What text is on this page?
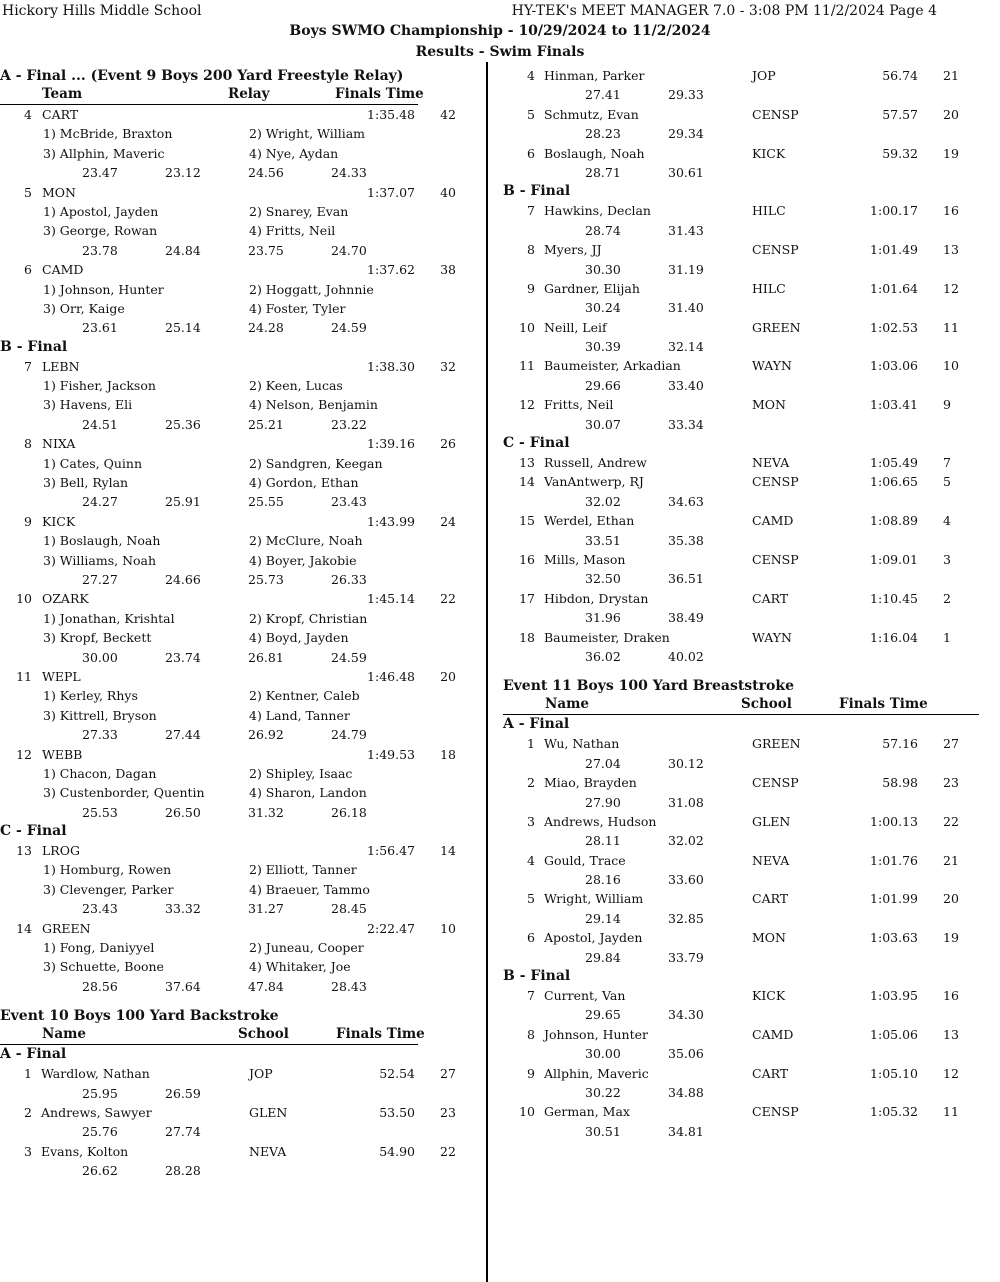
Hickory Hills Middle School	HY-TEK's MEET MANAGER 7.0 - 3:08 PM 11/2/2024 Page 4
Boys SWMO Championship - 10/29/2024 to 11/2/2024
Results - Swim Finals
A - Final ... (Event 9 Boys 200 Yard Freestyle Relay)
Team	Relay	Finals Time
4 CART	1:35.48	42
1) McBride, Braxton	2) Wright, William
3) Allphin, Maveric	4) Nye, Aydan
23.47	23.12	24.56	24.33
5 MON	1:37.07	40
1) Apostol, Jayden	2) Snarey, Evan
3) George, Rowan	4) Fritts, Neil
23.78	24.84	23.75	24.70
6 CAMD	1:37.62	38
1) Johnson, Hunter	2) Hoggatt, Johnnie
3) Orr, Kaige	4) Foster, Tyler
23.61	25.14	24.28	24.59
B - Final
7 LEBN	1:38.30	32
1) Fisher, Jackson	2) Keen, Lucas
3) Havens, Eli	4) Nelson, Benjamin
24.51	25.36	25.21	23.22
8 NIXA	1:39.16	26
1) Cates, Quinn	2) Sandgren, Keegan
3) Bell, Rylan	4) Gordon, Ethan
24.27	25.91	25.55	23.43
9 KICK	1:43.99	24
1) Boslaugh, Noah	2) McClure, Noah
3) Williams, Noah	4) Boyer, Jakobie
27.27	24.66	25.73	26.33
10 OZARK	1:45.14	22
1) Jonathan, Krishtal	2) Kropf, Christian
3) Kropf, Beckett	4) Boyd, Jayden
30.00	23.74	26.81	24.59
11 WEPL	1:46.48	20
1) Kerley, Rhys	2) Kentner, Caleb
3) Kittrell, Bryson	4) Land, Tanner
27.33	27.44	26.92	24.79
12 WEBB	1:49.53	18
1) Chacon, Dagan	2) Shipley, Isaac
3) Custenborder, Quentin	4) Sharon, Landon
25.53	26.50	31.32	26.18
C - Final
13 LROG	1:56.47	14
1) Homburg, Rowen	2) Elliott, Tanner
3) Clevenger, Parker	4) Braeuer, Tammo
23.43	33.32	31.27	28.45
14 GREEN	2:22.47	10
1) Fong, Daniyyel	2) Juneau, Cooper
3) Schuette, Boone	4) Whitaker, Joe
28.56	37.64	47.84	28.43
Event 10 Boys 100 Yard Backstroke
Name	School	Finals Time
A - Final
1 Wardlow, Nathan	JOP	52.54 27
25.95	26.59
2 Andrews, Sawyer	GLEN	53.50 23
25.76	27.74
3 Evans, Kolton	NEVA	54.90 22
26.62	28.28
4 Hinman, Parker	JOP	56.74 21
27.41	29.33
5 Schmutz, Evan	CENSP	57.57 20
28.23	29.34
6 Boslaugh, Noah	KICK	59.32 19
28.71	30.61
B - Final
7 Hawkins, Declan	HILC	1:00.17 16
28.74	31.43
8 Myers, JJ	CENSP	1:01.49 13
30.30	31.19
9 Gardner, Elijah	HILC	1:01.64 12
30.24	31.40
10 Neill, Leif	GREEN	1:02.53 11
30.39	32.14
11 Baumeister, Arkadian	WAYN	1:03.06 10
29.66	33.40
12 Fritts, Neil	MON	1:03.41 9
30.07	33.34
C - Final
13 Russell, Andrew	NEVA	1:05.49 7
14 VanAntwerp, RJ	CENSP	1:06.65 5
32.02	34.63
15 Werdel, Ethan	CAMD	1:08.89 4
33.51	35.38
16 Mills, Mason	CENSP	1:09.01 3
32.50	36.51
17 Hibdon, Drystan	CART	1:10.45 2
31.96	38.49
18 Baumeister, Draken	WAYN	1:16.04 1
36.02	40.02
Event 11 Boys 100 Yard Breaststroke
Name	School	Finals Time
A - Final
1 Wu, Nathan	GREEN	57.16 27
27.04	30.12
2 Miao, Brayden	CENSP	58.98 23
27.90	31.08
3 Andrews, Hudson	GLEN	1:00.13 22
28.11	32.02
4 Gould, Trace	NEVA	1:01.76 21
28.16	33.60
5 Wright, William	CART	1:01.99 20
29.14	32.85
6 Apostol, Jayden	MON	1:03.63 19
29.84	33.79
B - Final
7 Current, Van	KICK	1:03.95 16
29.65	34.30
8 Johnson, Hunter	CAMD	1:05.06 13
30.00	35.06
9 Allphin, Maveric	CART	1:05.10 12
30.22	34.88
10 German, Max	CENSP	1:05.32 11
30.51	34.81
